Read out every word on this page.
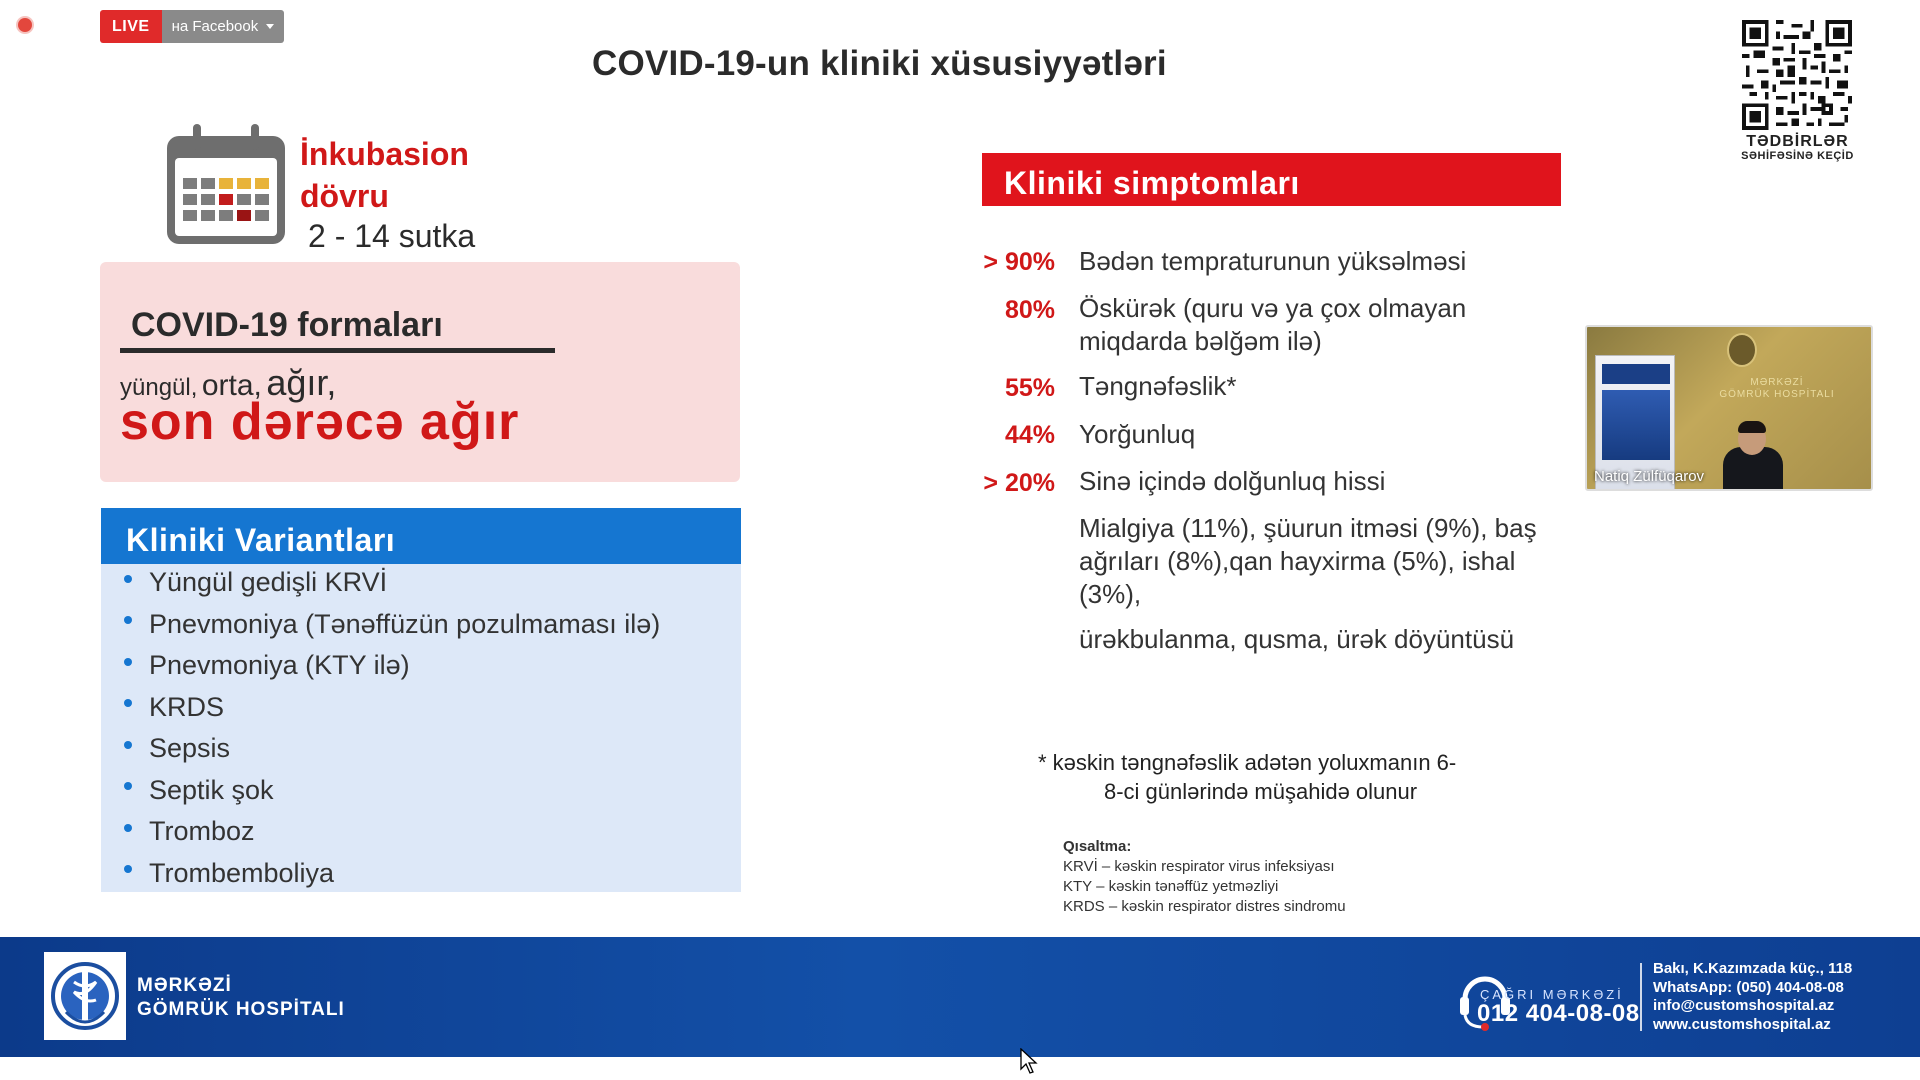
LIVE	на Facebook
COVID-19-un kliniki xüsusiyyətləri
TƏDBİRLƏR
SƏHİFƏSİNƏ KEÇİD
İnkubasion dövru
2 - 14 sutka
COVID-19 formaları
yüngül, orta, ağır,
son dərəcə ağır
Kliniki Variantları
Yüngül gedişli KRVİ
Pnevmoniya (Tənəffüzün pozulmaması ilə)
Pnevmoniya (KTY ilə)
KRDS
Sepsis
Septik şok
Tromboz
Trombemboliya
Kliniki simptomları
> 90% Bədən tempraturunun yüksəlməsi
80% Öskürək (quru və ya çox olmayan miqdarda bəlğəm ilə)
55% Təngnəfəslik*
44% Yorğunluq
> 20% Sinə içində dolğunluq hissi
Mialgiya (11%), şüurun itməsi (9%), baş ağrıları (8%),qan hayxirma (5%), ishal (3%),
ürəkbulanma, qusma, ürək döyüntüsü
* kəskin təngnəfəslik adətən yoluxmanın 6-
8-ci günlərində müşahidə olunur
Qısaltma:
KRVİ – kəskin respirator virus infeksiyası
KTY – kəskin tənəffüz yetməzliyi
KRDS – kəskin respirator distres sindromu
MƏRKƏZİ
GÖMRÜK HOSPİTALI
Natiq Zülfüqarov
MƏRKƏZİ
GÖMRÜK HOSPİTALI
ÇAĞRI MƏRKƏZİ
012 404-08-08
Bakı, K.Kazımzada küç., 118
WhatsApp: (050) 404-08-08
info@customshospital.az
www.customshospital.az
